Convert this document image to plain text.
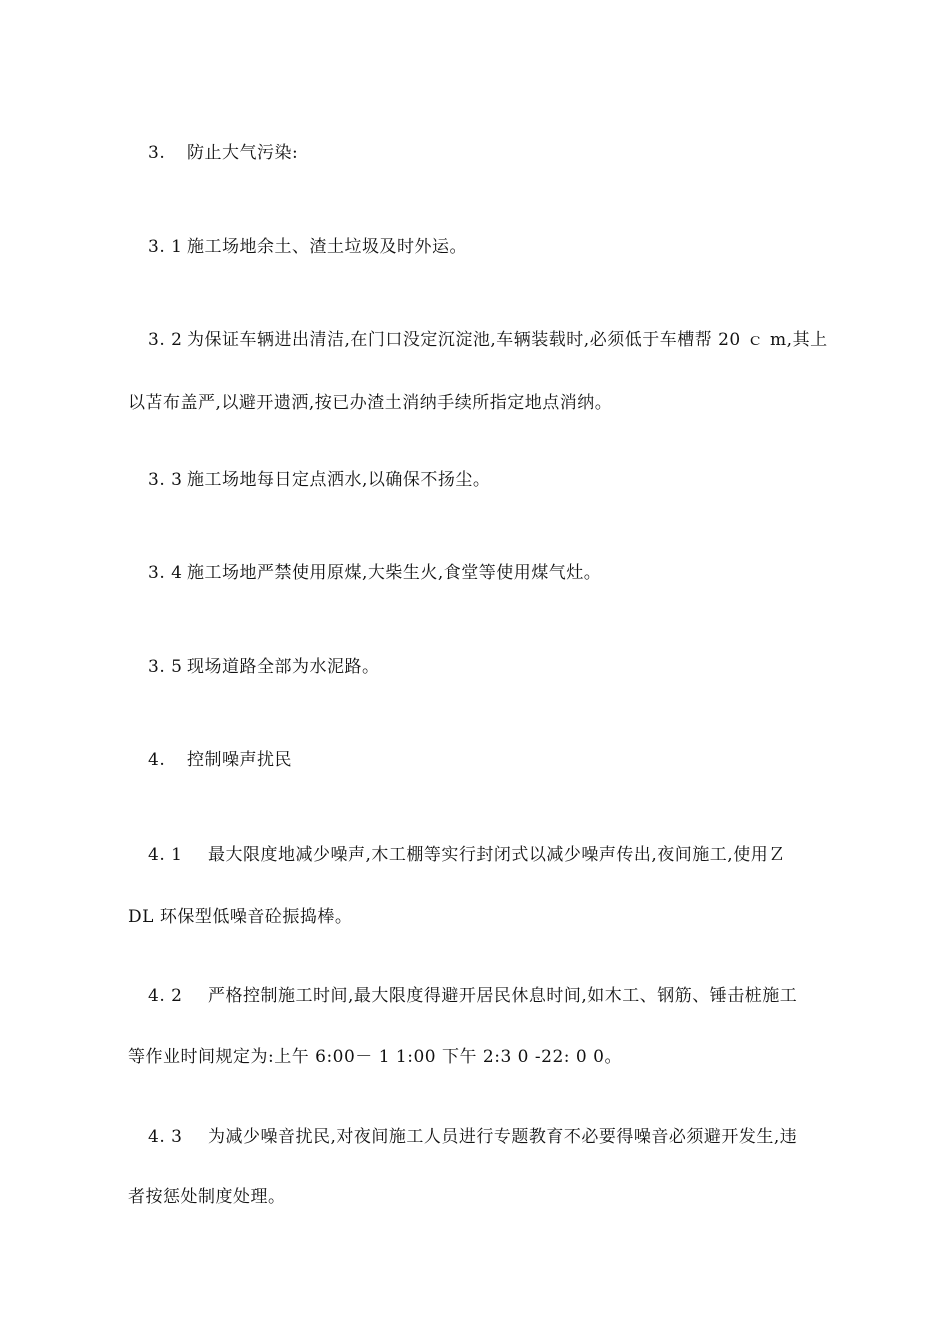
3. 防止大气污染:
3. 1 施工场地余土、渣土垃圾及时外运。
3. 2 为保证车辆进出清洁,在门口没定沉淀池,车辆装载时,必须低于车槽帮 20 ｃ m,其上
以苫布盖严,以避开遗洒,按已办渣土消纳手续所指定地点消纳。
3. 3 施工场地每日定点洒水,以确保不扬尘。
3. 4 施工场地严禁使用原煤,大柴生火,食堂等使用煤气灶。
3. 5 现场道路全部为水泥路。
4. 控制噪声扰民
4. 1 最大限度地减少噪声,木工棚等实行封闭式以减少噪声传出,夜间施工,使用Ｚ
DL 环保型低噪音砼振捣棒。
4. 2 严格控制施工时间,最大限度得避开居民休息时间,如木工、钢筋、锤击桩施工
等作业时间规定为:上午 6:00－ 1 1:00 下午 2:3 0 -22: 0 0。
4. 3 为减少噪音扰民,对夜间施工人员进行专题教育不必要得噪音必须避开发生,违
者按惩处制度处理。
